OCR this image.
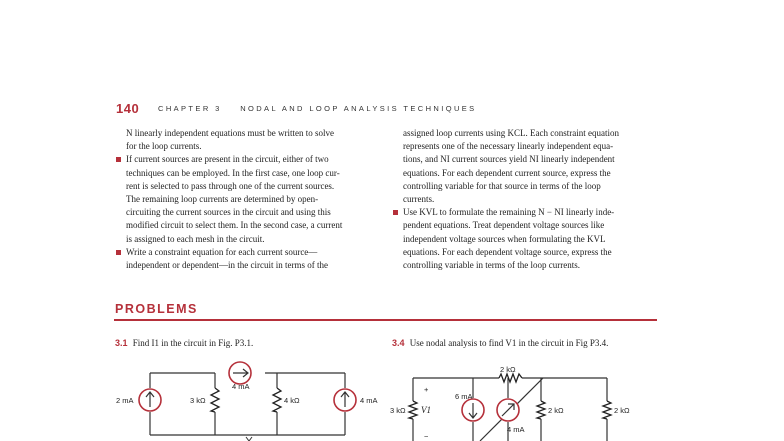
140	CHAPTER 3 NODAL AND LOOP ANALYSIS TECHNIQUES

N linearly independent equations must be written to solve

for the loop currents.

If current sources are present in the circuit, either of two

techniques can be employed. In the first case, one loop cur-

rent is selected to pass through one of the current sources.

The remaining loop currents are determined by open-

circuiting the current sources in the circuit and using this

modified circuit to select them. In the second case, a current

is assigned to each mesh in the circuit.

Write a constraint equation for each current source—

independent or dependent—in the circuit in terms of the

assigned loop currents using KCL. Each constraint equation

represents one of the necessary linearly independent equa-

tions, and NI current sources yield NI linearly independent

equations. For each dependent current source, express the

controlling variable for that source in terms of the loop

currents.

Use KVL to formulate the remaining N − NI linearly inde-

pendent equations. Treat dependent voltage sources like

independent voltage sources when formulating the KVL

equations. For each dependent voltage source, express the

controlling variable in terms of the loop currents.

PROBLEMS
3.1 Find I1 in the circuit in Fig. P3.1.	3.4 Use nodal analysis to find V1 in the circuit in Fig P3.4.
2 mA	3 kΩ
4 mA
4 kΩ	4 mA
2 kΩ
+
−
3 kΩ V1
6 mA
4 mA
2 kΩ	2 kΩ
